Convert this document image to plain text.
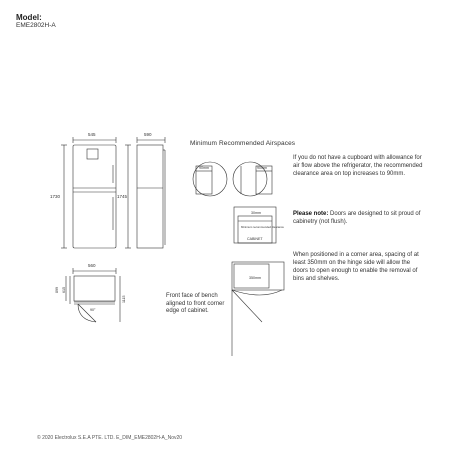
Model:
EME2802H-A
545
1730
590
1745
560
899 615
1115
90°
90mm	90mm
30mm
Minimum recommended clearance
CABINET
350mm
Minimum Recommended Airspaces
If you do not have a cupboard with allowance for air flow above the refrigerator, the recommended clearance area on top increases to 90mm.
Please note: Doors are designed to sit proud of cabinetry (not flush).
When positioned in a corner area, spacing of at least 350mm on the hinge side will allow the doors to open enough to enable the removal of bins and shelves.
Front face of bench aligned to front corner edge of cabinet.
© 2020 Electrolux S.E.A PTE. LTD. E_DIM_EME2802H-A_Nov20
